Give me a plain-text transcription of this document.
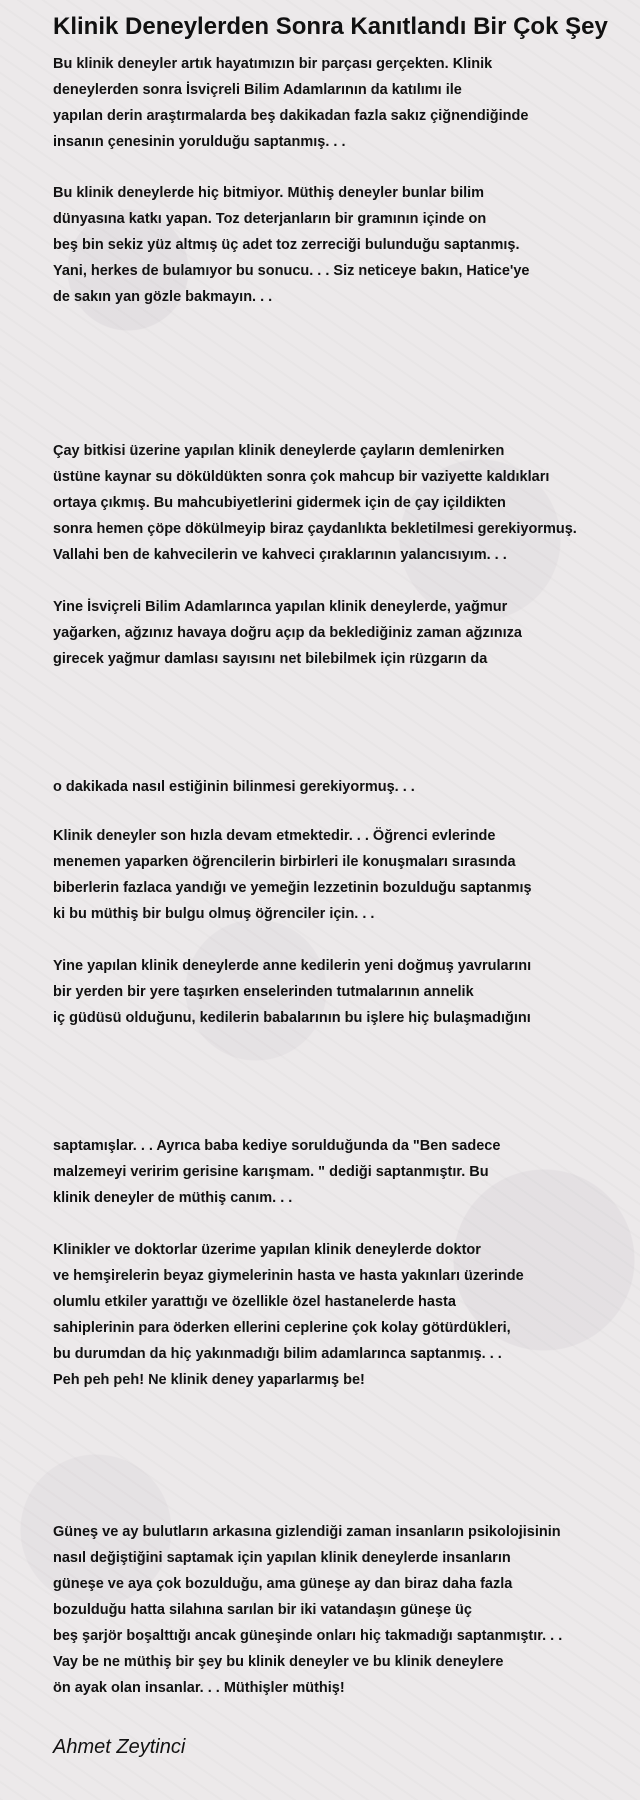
Klinik Deneylerden Sonra Kanıtlandı Bir Çok Şey

Bu klinik deneyler artık hayatımızın bir parçası gerçekten. Klinik
deneylerden sonra İsviçreli Bilim Adamlarının da katılımı ile
yapılan derin araştırmalarda beş dakikadan fazla sakız çiğnendiğinde
insanın çenesinin yorulduğu saptanmış. . .

Bu klinik deneylerde hiç bitmiyor. Müthiş deneyler bunlar bilim
dünyasına katkı yapan. Toz deterjanların bir gramının içinde on
beş bin sekiz yüz altmış üç adet toz zerreciği bulunduğu saptanmış.
Yani, herkes de bulamıyor bu sonucu. . . Siz neticeye bakın, Hatice'ye
de sakın yan gözle bakmayın. . .

Çay bitkisi üzerine yapılan klinik deneylerde çayların demlenirken
üstüne kaynar su döküldükten sonra çok mahcup bir vaziyette kaldıkları
ortaya çıkmış. Bu mahcubiyetlerini gidermek için de çay içildikten
sonra hemen çöpe dökülmeyip biraz çaydanlıkta bekletilmesi gerekiyormuş.
Vallahi ben de kahvecilerin ve kahveci çıraklarının yalancısıyım. . .

Yine İsviçreli Bilim Adamlarınca yapılan klinik deneylerde, yağmur
yağarken, ağzınız havaya doğru açıp da beklediğiniz zaman ağzınıza
girecek yağmur damlası sayısını net bilebilmek için rüzgarın da

o dakikada nasıl estiğinin bilinmesi gerekiyormuş. . .

Klinik deneyler son hızla devam etmektedir. . . Öğrenci evlerinde
menemen yaparken öğrencilerin birbirleri ile konuşmaları sırasında
biberlerin fazlaca yandığı ve yemeğin lezzetinin bozulduğu saptanmış
ki bu müthiş bir bulgu olmuş öğrenciler için. . .

Yine yapılan klinik deneylerde anne kedilerin yeni doğmuş yavrularını
bir yerden bir yere taşırken enselerinden tutmalarının annelik
iç güdüsü olduğunu, kedilerin babalarının bu işlere hiç bulaşmadığını

saptamışlar. . . Ayrıca baba kediye sorulduğunda da "Ben sadece
malzemeyi veririm gerisine karışmam. " dediği saptanmıştır. Bu
klinik deneyler de müthiş canım. . .

Klinikler ve doktorlar üzerime yapılan klinik deneylerde doktor
ve hemşirelerin beyaz giymelerinin hasta ve hasta yakınları üzerinde
olumlu etkiler yarattığı ve özellikle özel hastanelerde hasta
sahiplerinin para öderken ellerini ceplerine çok kolay götürdükleri,
bu durumdan da hiç yakınmadığı bilim adamlarınca saptanmış. . .
Peh peh peh! Ne klinik deney yaparlarmış be!

Güneş ve ay bulutların arkasına gizlendiği zaman insanların psikolojisinin
nasıl değiştiğini saptamak için yapılan klinik deneylerde insanların
güneşe ve aya çok bozulduğu, ama güneşe ay dan biraz daha fazla
bozulduğu hatta silahına sarılan bir iki vatandaşın güneşe üç
beş şarjör boşalttığı ancak güneşinde onları hiç takmadığı saptanmıştır. . .
Vay be ne müthiş bir şey bu klinik deneyler ve bu klinik deneylere
ön ayak olan insanlar. . . Müthişler müthiş!

Ahmet Zeytinci
